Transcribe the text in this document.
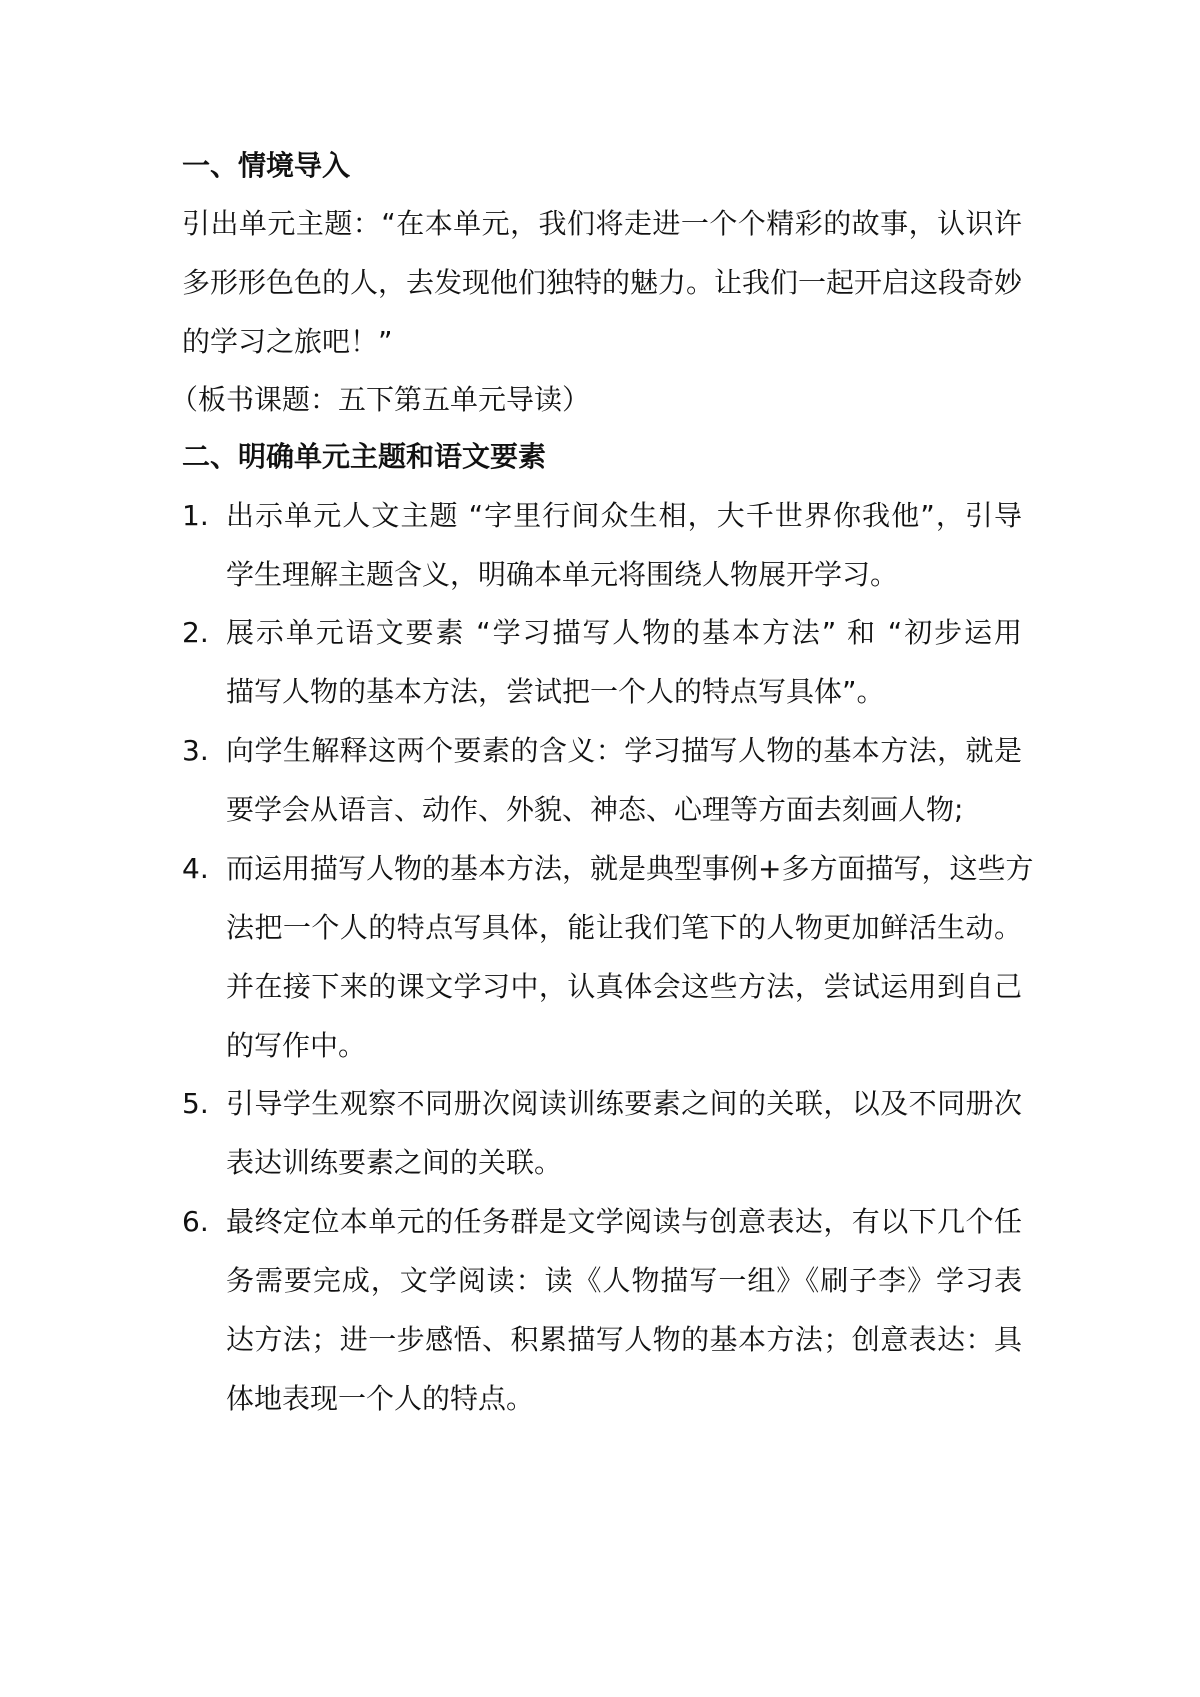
一、情境导入
引出单元主题：“在本单元，我们将走进一个个精彩的故事，认识许
多形形色色的人，去发现他们独特的魅力。让我们一起开启这段奇妙
的学习之旅吧！”
（板书课题：五下第五单元导读）
二、明确单元主题和语文要素
1. 出示单元人文主题 “字里行间众生相，大千世界你我他”，引导
学生理解主题含义，明确本单元将围绕人物展开学习。
2. 展示单元语文要素 “学习描写人物的基本方法” 和 “初步运用
描写人物的基本方法，尝试把一个人的特点写具体”。
3. 向学生解释这两个要素的含义：学习描写人物的基本方法，就是
要学会从语言、动作、外貌、神态、心理等方面去刻画人物;
4. 而运用描写人物的基本方法，就是典型事例+多方面描写，这些方
法把一个人的特点写具体，能让我们笔下的人物更加鲜活生动。
并在接下来的课文学习中，认真体会这些方法，尝试运用到自己
的写作中。
5. 引导学生观察不同册次阅读训练要素之间的关联，以及不同册次
表达训练要素之间的关联。
6. 最终定位本单元的任务群是文学阅读与创意表达，有以下几个任
务需要完成，文学阅读：读《人物描写一组》《刷子李》学习表
达方法；进一步感悟、积累描写人物的基本方法；创意表达：具
体地表现一个人的特点。
